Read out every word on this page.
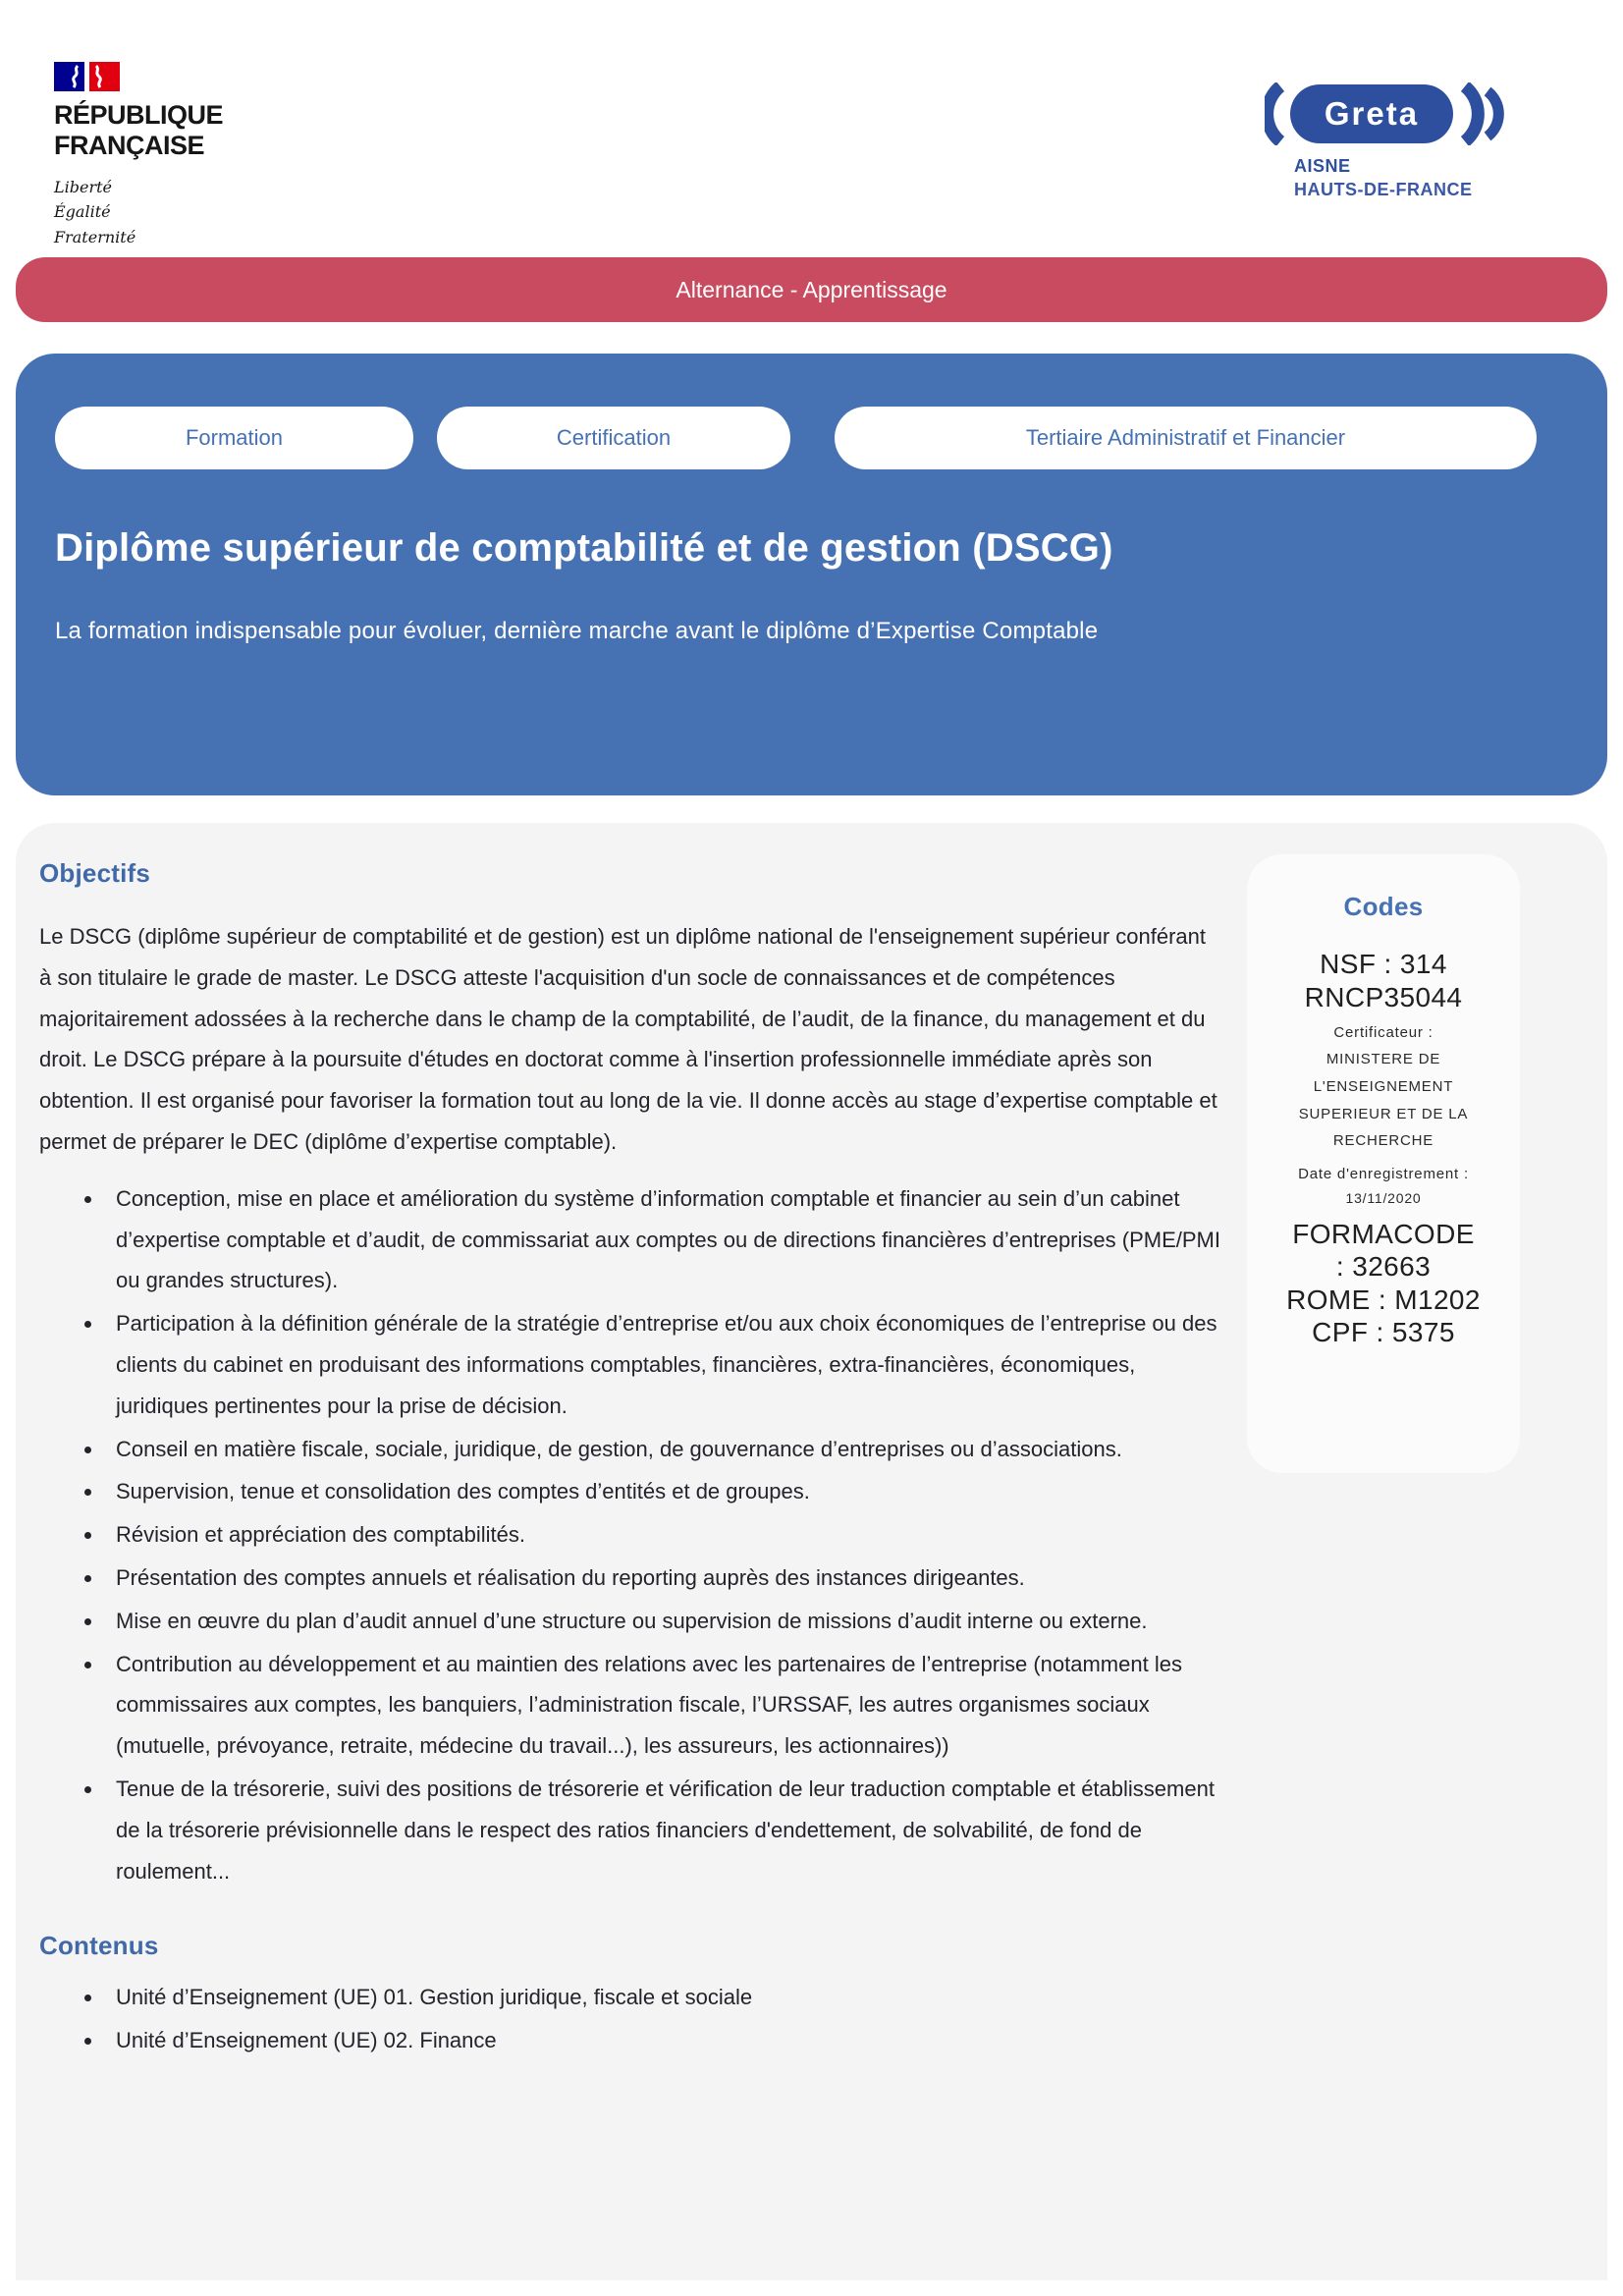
RÉPUBLIQUE
FRANÇAISE
Liberté
Égalité
Fraternité
Greta
AISNE
HAUTS-DE-FRANCE
Alternance - Apprentissage
Formation	Certification	Tertiaire Administratif et Financier
Diplôme supérieur de comptabilité et de gestion (DSCG)
La formation indispensable pour évoluer, dernière marche avant le diplôme d’Expertise Comptable
Objectifs

Le DSCG (diplôme supérieur de comptabilité et de gestion) est un diplôme national de l'enseignement supérieur conférant à son titulaire le grade de master. Le DSCG atteste l'acquisition d'un socle de connaissances et de compétences majoritairement adossées à la recherche dans le champ de la comptabilité, de l’audit, de la finance, du management et du droit. Le DSCG prépare à la poursuite d'études en doctorat comme à l'insertion professionnelle immédiate après son obtention. Il est organisé pour favoriser la formation tout au long de la vie. Il donne accès au stage d’expertise comptable et permet de préparer le DEC (diplôme d’expertise comptable).

• Conception, mise en place et amélioration du système d’information comptable et financier au sein d’un cabinet d’expertise comptable et d’audit, de commissariat aux comptes ou de directions financières d’entreprises (PME/PMI ou grandes structures).
• Participation à la définition générale de la stratégie d’entreprise et/ou aux choix économiques de l’entreprise ou des clients du cabinet en produisant des informations comptables, financières, extra-financières, économiques, juridiques pertinentes pour la prise de décision.
• Conseil en matière fiscale, sociale, juridique, de gestion, de gouvernance d’entreprises ou d’associations.
• Supervision, tenue et consolidation des comptes d’entités et de groupes.
• Révision et appréciation des comptabilités.
• Présentation des comptes annuels et réalisation du reporting auprès des instances dirigeantes.
• Mise en œuvre du plan d’audit annuel d’une structure ou supervision de missions d’audit interne ou externe.
• Contribution au développement et au maintien des relations avec les partenaires de l’entreprise (notamment les commissaires aux comptes, les banquiers, l’administration fiscale, l’URSSAF, les autres organismes sociaux (mutuelle, prévoyance, retraite, médecine du travail...), les assureurs, les actionnaires))
• Tenue de la trésorerie, suivi des positions de trésorerie et vérification de leur traduction comptable et établissement de la trésorerie prévisionnelle dans le respect des ratios financiers d'endettement, de solvabilité, de fond de roulement...
Contenus
• Unité d’Enseignement (UE) 01. Gestion juridique, fiscale et sociale
• Unité d’Enseignement (UE) 02. Finance
Codes
NSF : 314
RNCP35044
Certificateur :
MINISTERE DE L'ENSEIGNEMENT SUPERIEUR ET DE LA RECHERCHE
Date d'enregistrement :
13/11/2020
FORMACODE : 32663
ROME : M1202
CPF : 5375
